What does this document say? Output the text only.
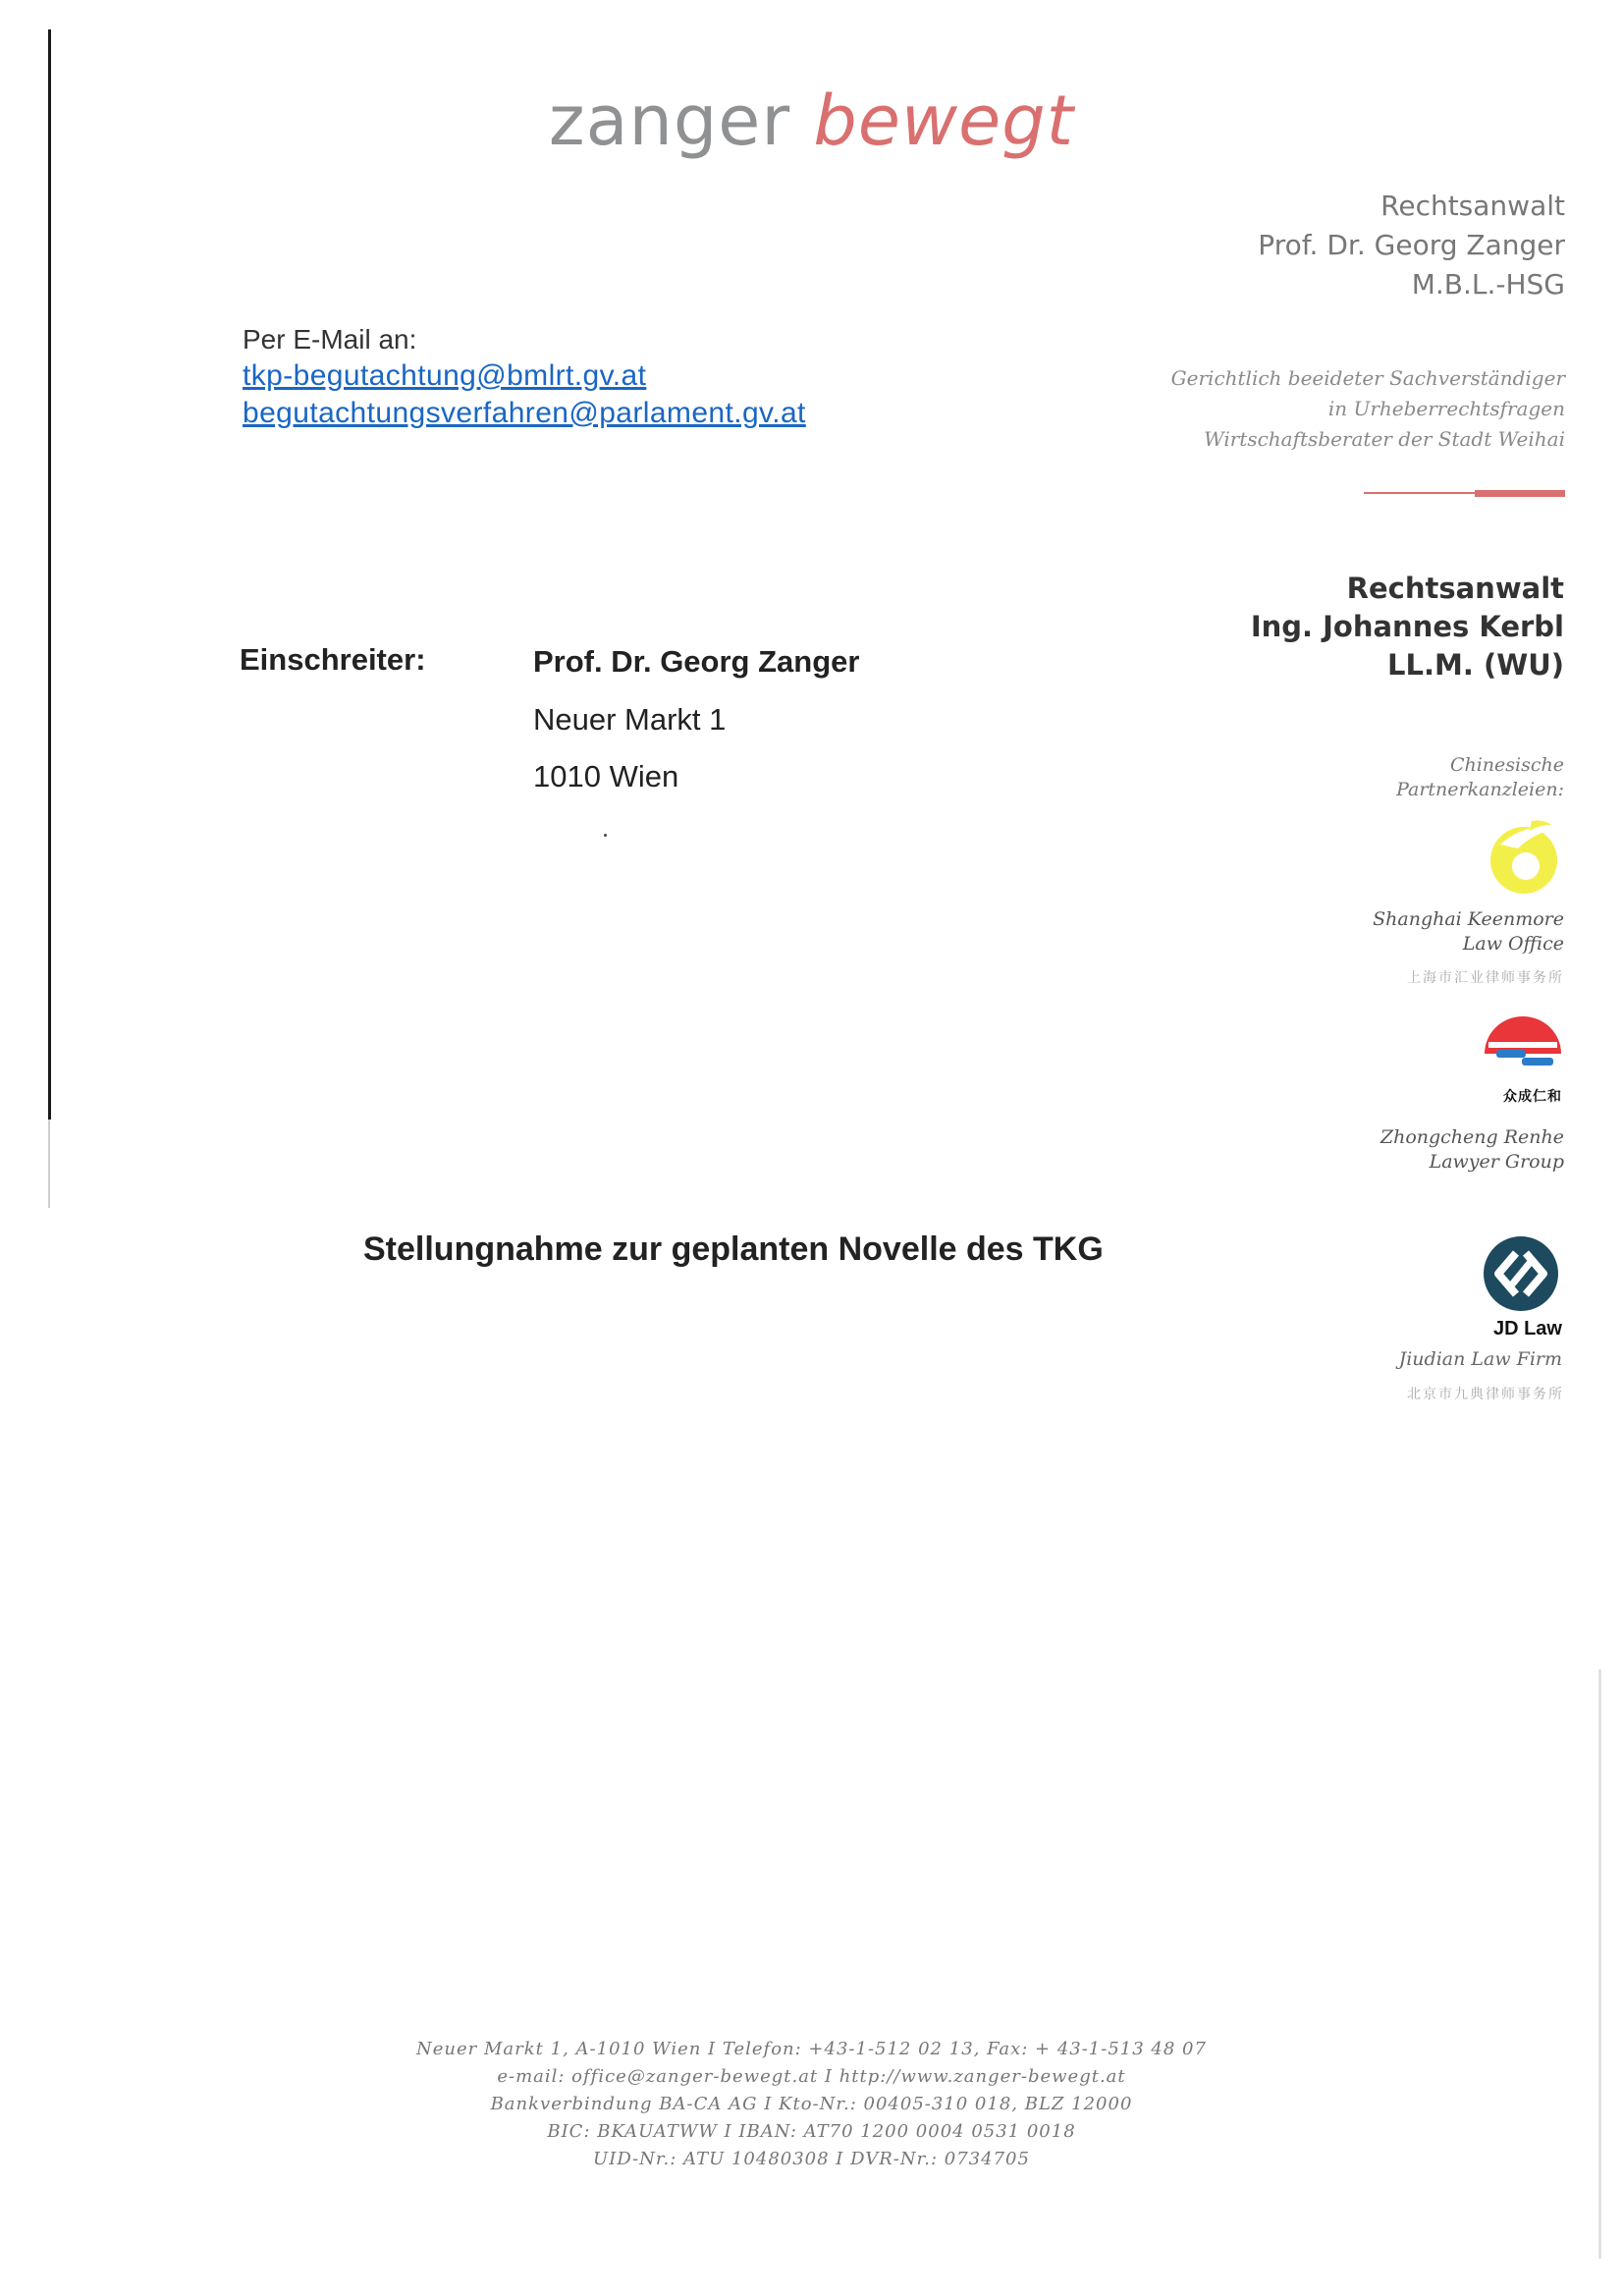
zanger bewegt
Rechtsanwalt
Prof. Dr. Georg Zanger
M.B.L.-HSG
Gerichtlich beeideter Sachverständiger
in Urheberrechtsfragen
Wirtschaftsberater der Stadt Weihai
Per E-Mail an:
tkp-begutachtung@bmlrt.gv.at
begutachtungsverfahren@parlament.gv.at
Rechtsanwalt
Ing. Johannes Kerbl
LL.M. (WU)
Einschreiter:	Prof. Dr. Georg Zanger
Neuer Markt 1
1010 Wien	Chinesische
Partnerkanzleien:
Shanghai Keenmore
Law Office
上海市汇业律师事务所
众成仁和
Zhongcheng Renhe
Lawyer Group
JD Law
Jiudian Law Firm
北京市九典律师事务所
Stellungnahme zur geplanten Novelle des TKG
Neuer Markt 1, A-1010 Wien I Telefon: +43-1-512 02 13, Fax: + 43-1-513 48 07
e-mail: office@zanger-bewegt.at I http://www.zanger-bewegt.at
Bankverbindung BA-CA AG I Kto-Nr.: 00405-310 018, BLZ 12000
BIC: BKAUATWW I IBAN: AT70 1200 0004 0531 0018
UID-Nr.: ATU 10480308 I DVR-Nr.: 0734705
